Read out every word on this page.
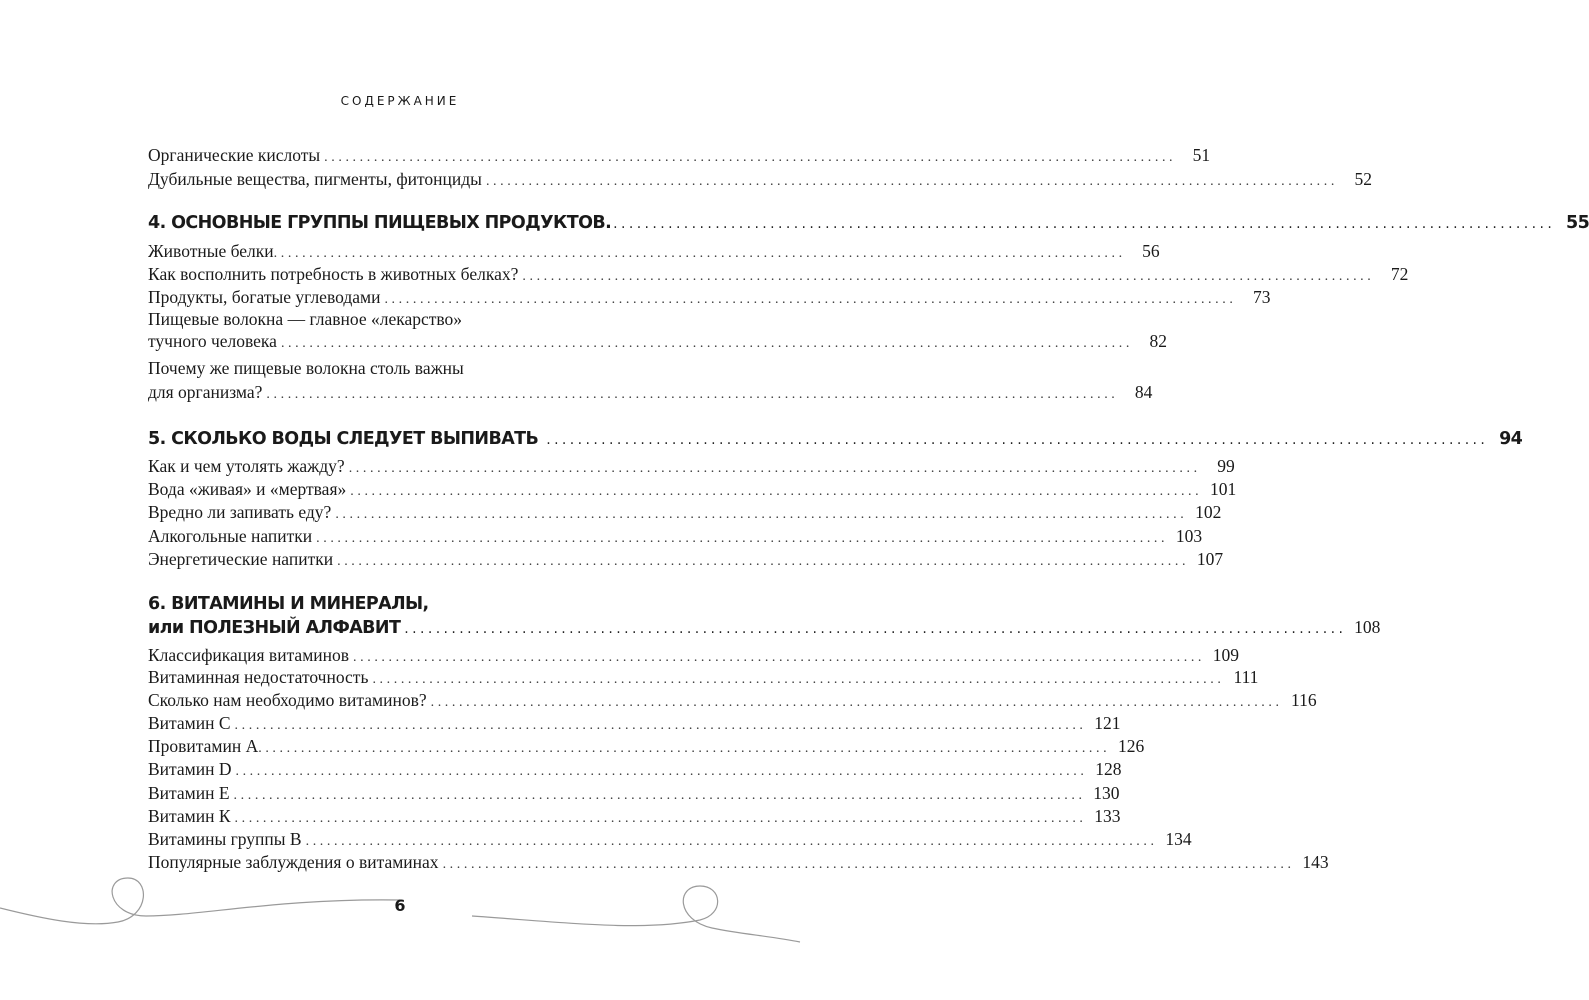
СОДЕРЖАНИЕ
Органические кислоты ........................................................................................................................ 51
Дубильные вещества, пигменты, фитонциды ........................................................................................................................ 52
4. ОСНОВНЫЕ ГРУППЫ ПИЩЕВЫХ ПРОДУКТОВ. ........................................................................................................................ 55
Животные белки ........................................................................................................................ 56
Как восполнить потребность в животных белках? ........................................................................................................................ 72
Продукты, богатые углеводами ........................................................................................................................ 73
Пищевые волокна — главное «лекарство»
тучного человека ........................................................................................................................ 82
Почему же пищевые волокна столь важны
для организма? ........................................................................................................................ 84
5. СКОЛЬКО ВОДЫ СЛЕДУЕТ ВЫПИВАТЬ ........................................................................................................................ 94
Как и чем утолять жажду? ........................................................................................................................ 99
Вода «живая» и «мертвая» ........................................................................................................................ 101
Вредно ли запивать еду? ........................................................................................................................ 102
Алкогольные напитки ........................................................................................................................ 103
Энергетические напитки ........................................................................................................................ 107
6. ВИТАМИНЫ И МИНЕРАЛЫ,
или ПОЛЕЗНЫЙ АЛФАВИТ ........................................................................................................................ 108
Классификация витаминов ........................................................................................................................ 109
Витаминная недостаточность ........................................................................................................................ 111
Сколько нам необходимо витаминов? ........................................................................................................................ 116
Витамин С ........................................................................................................................ 121
Провитамин А ........................................................................................................................ 126
Витамин D ........................................................................................................................ 128
Витамин Е ........................................................................................................................ 130
Витамин К ........................................................................................................................ 133
Витамины группы В ........................................................................................................................ 134
Популярные заблуждения о витаминах ........................................................................................................................ 143
6
